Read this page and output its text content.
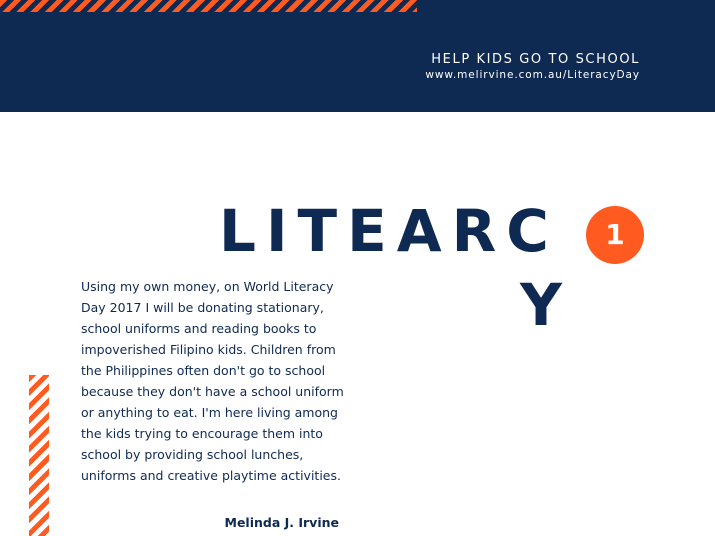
HELP KIDS GO TO SCHOOL
www.melirvine.com.au/LiteracyDay
LITEARC
Y
1

Using my own money, on World Literacy Day 2017 I will be donating stationary, school uniforms and reading books to impoverished Filipino kids. Children from the Philippines often don't go to school because they don't have a school uniform or anything to eat. I'm here living among the kids trying to encourage them into school by providing school lunches, uniforms and creative playtime activities.

Melinda J. Irvine
